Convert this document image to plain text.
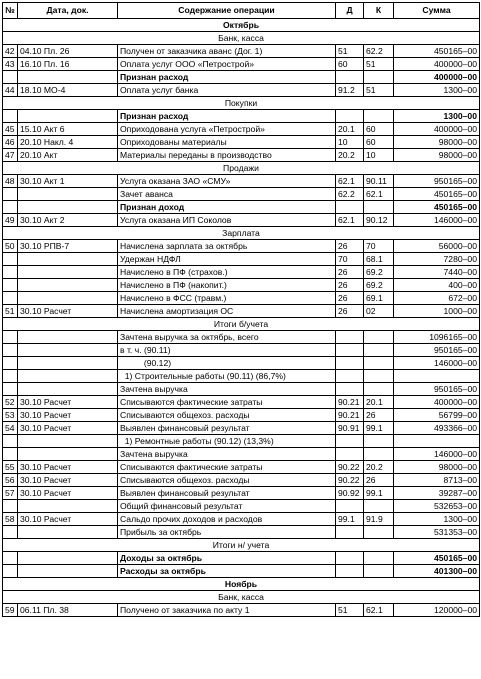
№	Дата, док.	Содержание операции	Д	К	Сумма
Октябрь					
Банк, касса					
42	04.10 Пл. 26	Получен от заказчика аванс (Дог. 1)	51	62.2	450165–00
43	16.10 Пл. 16	Оплата услуг ООО «Петрострой»	60	51	400000–00
		Признан расход			400000–00
44	18.10 МО-4	Оплата услуг банка	91.2	51	1300–00
Покупки					
		Признан расход			1300–00
45	15.10 Акт 6	Оприходована услуга «Петрострой»	20.1	60	400000–00
46	20.10 Накл. 4	Оприходованы материалы	10	60	98000–00
47	20.10 Акт	Материалы переданы в производство	20.2	10	98000–00
Продажи					
48	30.10 Акт 1	Услуга оказана ЗАО «СМУ»	62.1	90.11	950165–00
		Зачет аванса	62.2	62.1	450165–00
		Признан доход			450165–00
49	30.10 Акт 2	Услуга оказана ИП Соколов	62.1	90.12	146000–00
Зарплата					
50	30.10 РПВ-7	Начислена зарплата за октябрь	26	70	56000–00
		Удержан НДФЛ	70	68.1	7280–00
		Начислено в ПФ (страхов.)	26	69.2	7440–00
		Начислено в ПФ (накопит.)	26	69.2	400–00
		Начислено в ФСС (травм.)	26	69.1	672–00
51	30.10 Расчет	Начислена амортизация ОС	26	02	1000–00
Итоги б/учета					
		Зачтена выручка за октябрь, всего			1096165–00
		в т. ч. (90.11)			950165–00
		(90.12)			146000–00
		1) Строительные работы (90.11) (86,7%)			
		Зачтена выручка			950165–00
52	30.10 Расчет	Списываются фактические затраты	90.21	20.1	400000–00
53	30.10 Расчет	Списываются общехоз. расходы	90.21	26	56799–00
54	30.10 Расчет	Выявлен финансовый результат	90.91	99.1	493366–00
		1) Ремонтные работы (90.12) (13,3%)			
		Зачтена выручка			146000–00
55	30.10 Расчет	Списываются фактические затраты	90.22	20.2	98000–00
56	30.10 Расчет	Списываются общехоз. расходы	90.22	26	8713–00
57	30.10 Расчет	Выявлен финансовый результат	90.92	99.1	39287–00
		Общий финансовый результат			532653–00
58	30.10 Расчет	Сальдо прочих доходов и расходов	99.1	91.9	1300–00
		Прибыль за октябрь			531353–00
Итоги н/ учета					
		Доходы за октябрь			450165–00
		Расходы за октябрь			401300–00
Ноябрь					
Банк, касса					
59	06.11 Пл. 38	Получено от заказчика по акту 1	51	62.1	120000–00
